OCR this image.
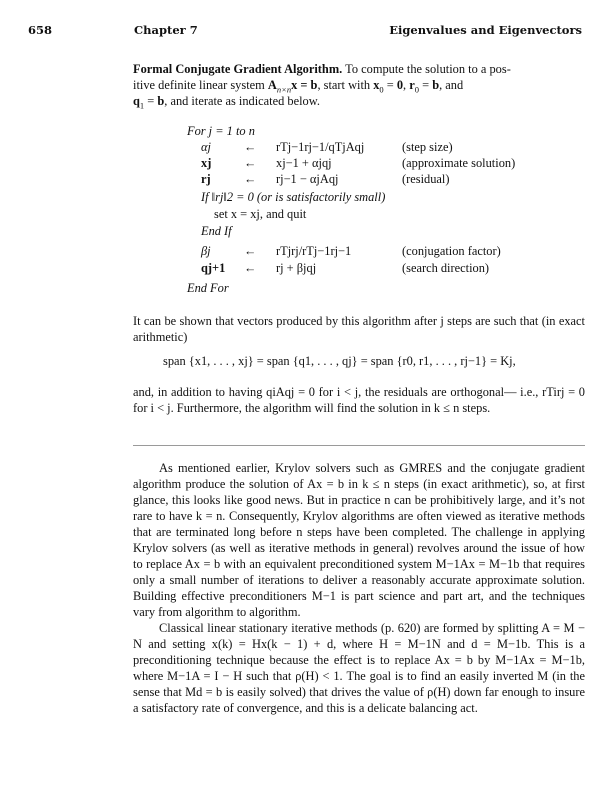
658	Chapter 7	Eigenvalues and Eigenvectors

Formal Conjugate Gradient Algorithm. To compute the solution to a pos-

itive definite linear system $A_{n\times n}x = b$, start with $x_0 = 0$, $r_0 = b$, and

$q_1 = b$, and iterate as indicated below.

For j = 1 to n
αj	← rTj−1rj−1/qTjAqj	(step size)
xj	← xj−1 + αjqj	(approximate solution)
rj	← rj−1 − αjAqj	(residual)
If ‖rj‖2 = 0 (or is satisfactorily small)
set x = xj, and quit
End If
βj	← rTjrj/rTj−1rj−1	(conjugation factor)
qj+1 ← rj + βjqj	(search direction)
End For

It can be shown that vectors produced by this algorithm after j steps are such that (in exact arithmetic)

span {x1, . . . , xj} = span {q1, . . . , qj} = span {r0, r1, . . . , rj−1} = Kj,

and, in addition to having qiAqj = 0 for i < j, the residuals are orthogonal— i.e., rTirj = 0 for i < j. Furthermore, the algorithm will find the solution in k ≤ n steps.

As mentioned earlier, Krylov solvers such as GMRES and the conjugate gradient algorithm produce the solution of Ax = b in k ≤ n steps (in exact arithmetic), so, at first glance, this looks like good news. But in practice n can be prohibitively large, and it’s not rare to have k = n. Consequently, Krylov algorithms are often viewed as iterative methods that are terminated long before n steps have been completed. The challenge in applying Krylov solvers (as well as iterative methods in general) revolves around the issue of how to replace Ax = b with an equivalent preconditioned system M−1Ax = M−1b that requires only a small number of iterations to deliver a reasonably accurate approximate solution. Building effective preconditioners M−1 is part science and part art, and the techniques vary from algorithm to algorithm.

Classical linear stationary iterative methods (p. 620) are formed by splitting A = M − N and setting x(k) = Hx(k − 1) + d, where H = M−1N and d = M−1b. This is a preconditioning technique because the effect is to replace Ax = b by M−1Ax = M−1b, where M−1A = I − H such that ρ(H) < 1. The goal is to find an easily inverted M (in the sense that Md = b is easily solved) that drives the value of ρ(H) down far enough to insure a satisfactory rate of convergence, and this is a delicate balancing act.
